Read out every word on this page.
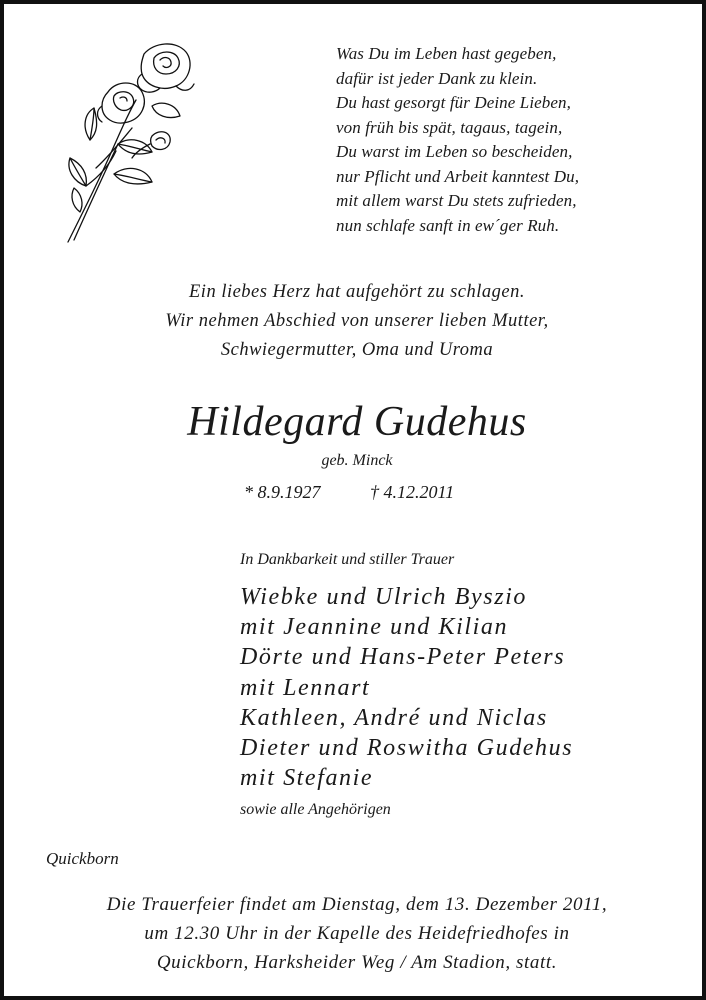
Was Du im Leben hast gegeben,
dafür ist jeder Dank zu klein.
Du hast gesorgt für Deine Lieben,
von früh bis spät, tagaus, tagein,
Du warst im Leben so bescheiden,
nur Pflicht und Arbeit kanntest Du,
mit allem warst Du stets zufrieden,
nun schlafe sanft in ew´ger Ruh.
Ein liebes Herz hat aufgehört zu schlagen.
Wir nehmen Abschied von unserer lieben Mutter,
Schwiegermutter, Oma und Uroma
Hildegard Gudehus
geb. Minck
* 8.9.1927	† 4.12.2011
In Dankbarkeit und stiller Trauer
Wiebke und Ulrich Byszio
mit Jeannine und Kilian
Dörte und Hans-Peter Peters
mit Lennart
Kathleen, André und Niclas
Dieter und Roswitha Gudehus
mit Stefanie
sowie alle Angehörigen
Quickborn
Die Trauerfeier findet am Dienstag, dem 13. Dezember 2011,
um 12.30 Uhr in der Kapelle des Heidefriedhofes in
Quickborn, Harksheider Weg / Am Stadion, statt.
